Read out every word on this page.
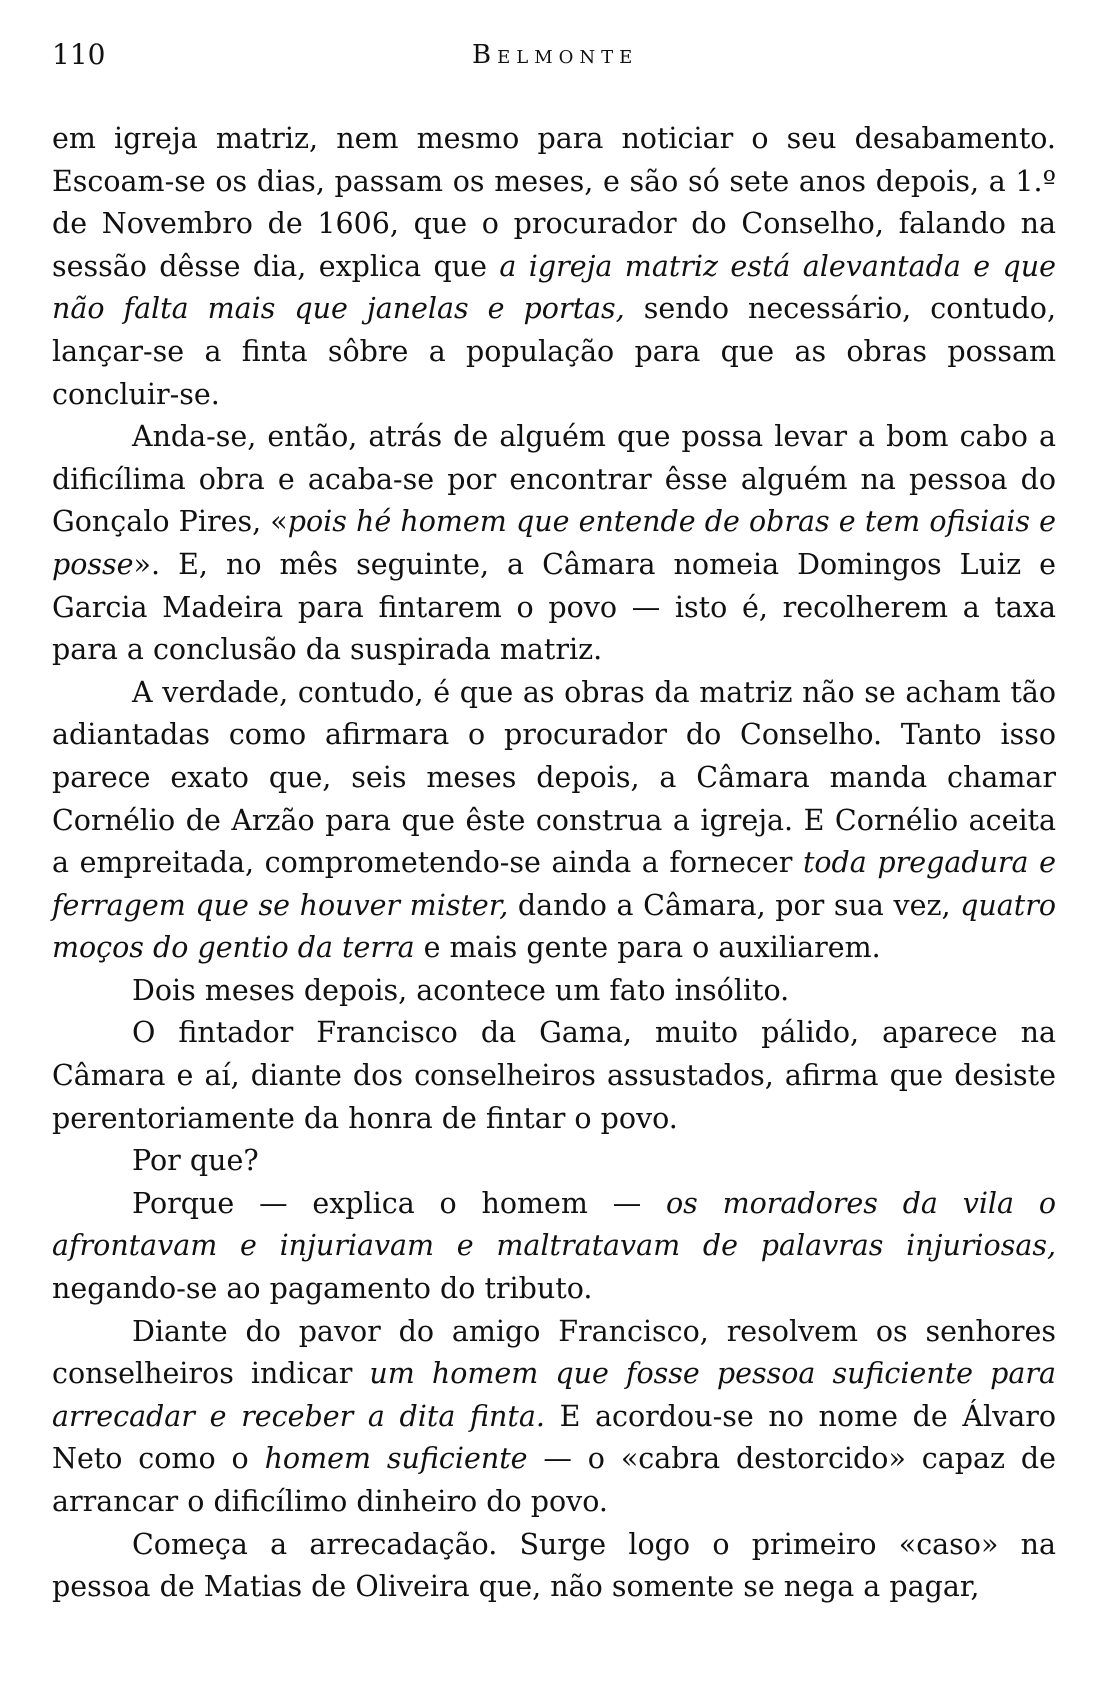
110	Belmonte

em igreja matriz, nem mesmo para noticiar o seu desabamento. Escoam-se os dias, passam os meses, e são só sete anos depois, a 1.º de Novembro de 1606, que o procurador do Conselho, falando na sessão dêsse dia, explica que a igreja matriz está alevantada e que não falta mais que janelas e portas, sendo necessário, contudo, lançar-se a finta sôbre a população para que as obras possam concluir-se.

Anda-se, então, atrás de alguém que possa levar a bom cabo a dificílima obra e acaba-se por encontrar êsse alguém na pessoa do Gonçalo Pires, «pois hé homem que entende de obras e tem ofisiais e posse». E, no mês seguinte, a Câmara nomeia Domingos Luiz e Garcia Madeira para fintarem o povo — isto é, recolherem a taxa para a conclusão da suspirada matriz.

A verdade, contudo, é que as obras da matriz não se acham tão adiantadas como afirmara o procurador do Conselho. Tanto isso parece exato que, seis meses depois, a Câmara manda chamar Cornélio de Arzão para que êste construa a igreja. E Cornélio aceita a empreitada, comprometendo-se ainda a fornecer toda pregadura e ferragem que se houver mister, dando a Câmara, por sua vez, quatro moços do gentio da terra e mais gente para o auxiliarem.

Dois meses depois, acontece um fato insólito.

O fintador Francisco da Gama, muito pálido, aparece na Câmara e aí, diante dos conselheiros assustados, afirma que desiste perentoriamente da honra de fintar o povo.

Por que?

Porque — explica o homem — os moradores da vila o afrontavam e injuriavam e maltratavam de palavras injuriosas, negando-se ao pagamento do tributo.

Diante do pavor do amigo Francisco, resolvem os senhores conselheiros indicar um homem que fosse pessoa suficiente para arrecadar e receber a dita finta. E acordou-se no nome de Álvaro Neto como o homem suficiente — o «cabra destorcido» capaz de arrancar o dificílimo dinheiro do povo.

Começa a arrecadação. Surge logo o primeiro «caso» na pessoa de Matias de Oliveira que, não somente se nega a pagar,
